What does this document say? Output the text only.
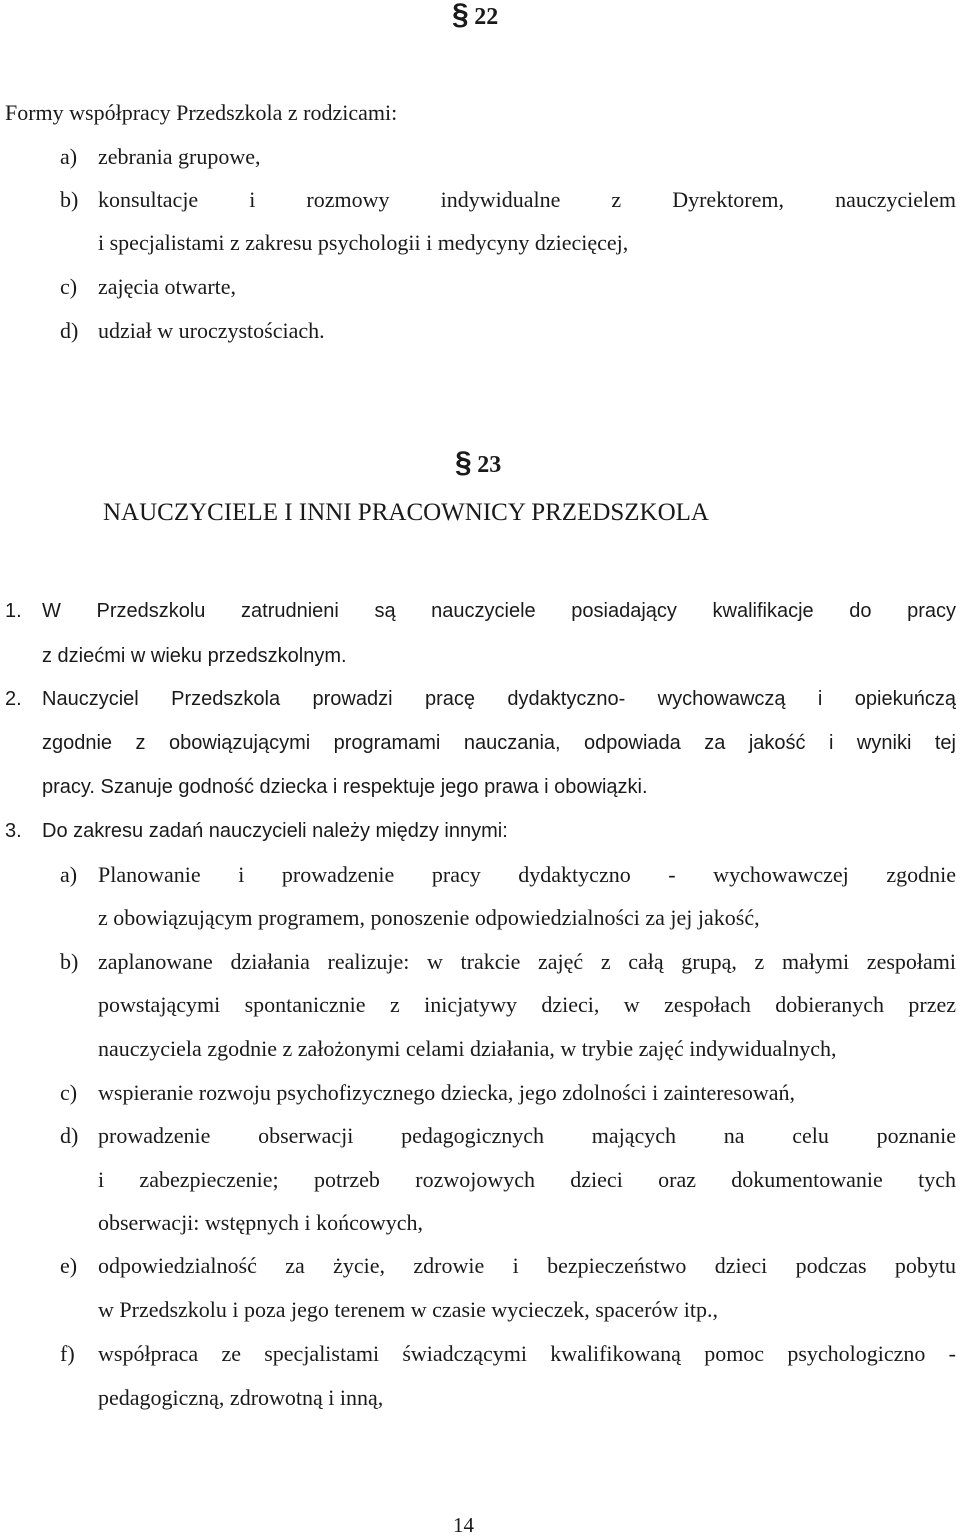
§ 22
Formy współpracy Przedszkola z rodzicami:
a) zebrania grupowe,
b) konsultacje i rozmowy indywidualne z Dyrektorem, nauczycielem
i specjalistami z zakresu psychologii i medycyny dziecięcej,
c) zajęcia otwarte,
d) udział w uroczystościach.
§ 23
NAUCZYCIELE I INNI PRACOWNICY PRZEDSZKOLA
1. W Przedszkolu zatrudnieni są nauczyciele posiadający kwalifikacje do pracy
z dziećmi w wieku przedszkolnym.
2. Nauczyciel Przedszkola prowadzi pracę dydaktyczno- wychowawczą i opiekuńczą
zgodnie z obowiązującymi programami nauczania, odpowiada za jakość i wyniki tej
pracy. Szanuje godność dziecka i respektuje jego prawa i obowiązki.
3. Do zakresu zadań nauczycieli należy między innymi:
a) Planowanie i prowadzenie pracy dydaktyczno - wychowawczej zgodnie
z obowiązującym programem, ponoszenie odpowiedzialności za jej jakość,
b) zaplanowane działania realizuje: w trakcie zajęć z całą grupą, z małymi zespołami
powstającymi spontanicznie z inicjatywy dzieci, w zespołach dobieranych przez
nauczyciela zgodnie z założonymi celami działania, w trybie zajęć indywidualnych,
c) wspieranie rozwoju psychofizycznego dziecka, jego zdolności i zainteresowań,
d) prowadzenie obserwacji pedagogicznych mających na celu poznanie
i zabezpieczenie; potrzeb rozwojowych dzieci oraz dokumentowanie tych
obserwacji: wstępnych i końcowych,
e) odpowiedzialność za życie, zdrowie i bezpieczeństwo dzieci podczas pobytu
w Przedszkolu i poza jego terenem w czasie wycieczek, spacerów itp.,
f) współpraca ze specjalistami świadczącymi kwalifikowaną pomoc psychologiczno -
pedagogiczną, zdrowotną i inną,
14
